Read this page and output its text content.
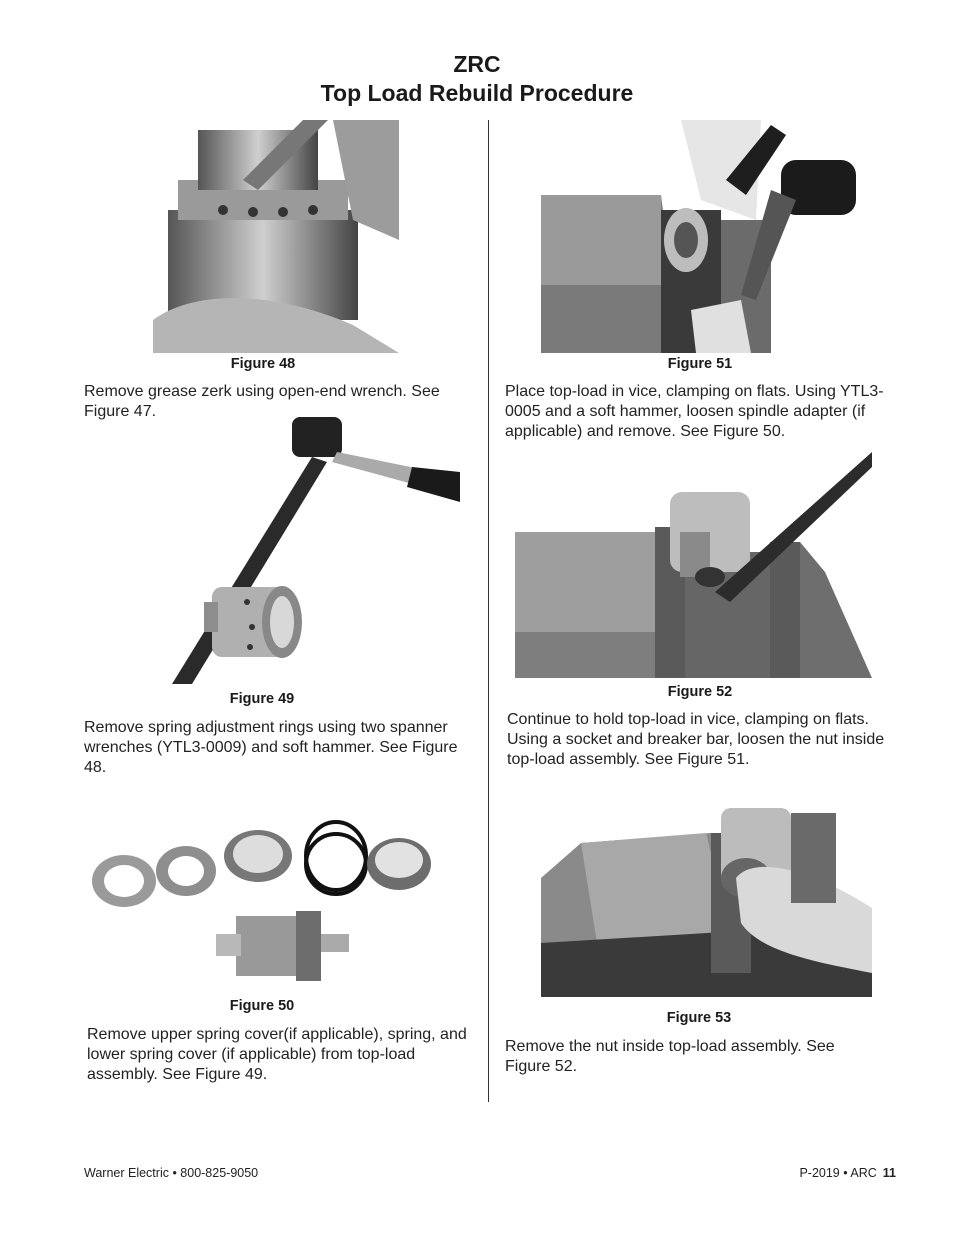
ZRC
Top Load Rebuild Procedure
Figure 48
Remove grease zerk using open-end wrench. See Figure 47.
Figure 49
Remove spring adjustment rings using two spanner wrenches (YTL3-0009) and soft hammer. See Figure 48.
Figure 50
Remove upper spring cover(if applicable), spring, and lower spring cover (if applicable) from top-load assembly. See Figure 49.
Figure 51
Place top-load in vice, clamping on flats. Using YTL3-0005 and a soft hammer, loosen spindle adapter (if applicable) and remove. See Figure 50.
Figure 52
Continue to hold top-load in vice, clamping on flats. Using a socket and breaker bar, loosen the nut inside top-load assembly. See Figure 51.
Figure 53
Remove the nut inside top-load assembly. See Figure 52.
Warner Electric • 800-825-9050	P-2019 • ARC 11
